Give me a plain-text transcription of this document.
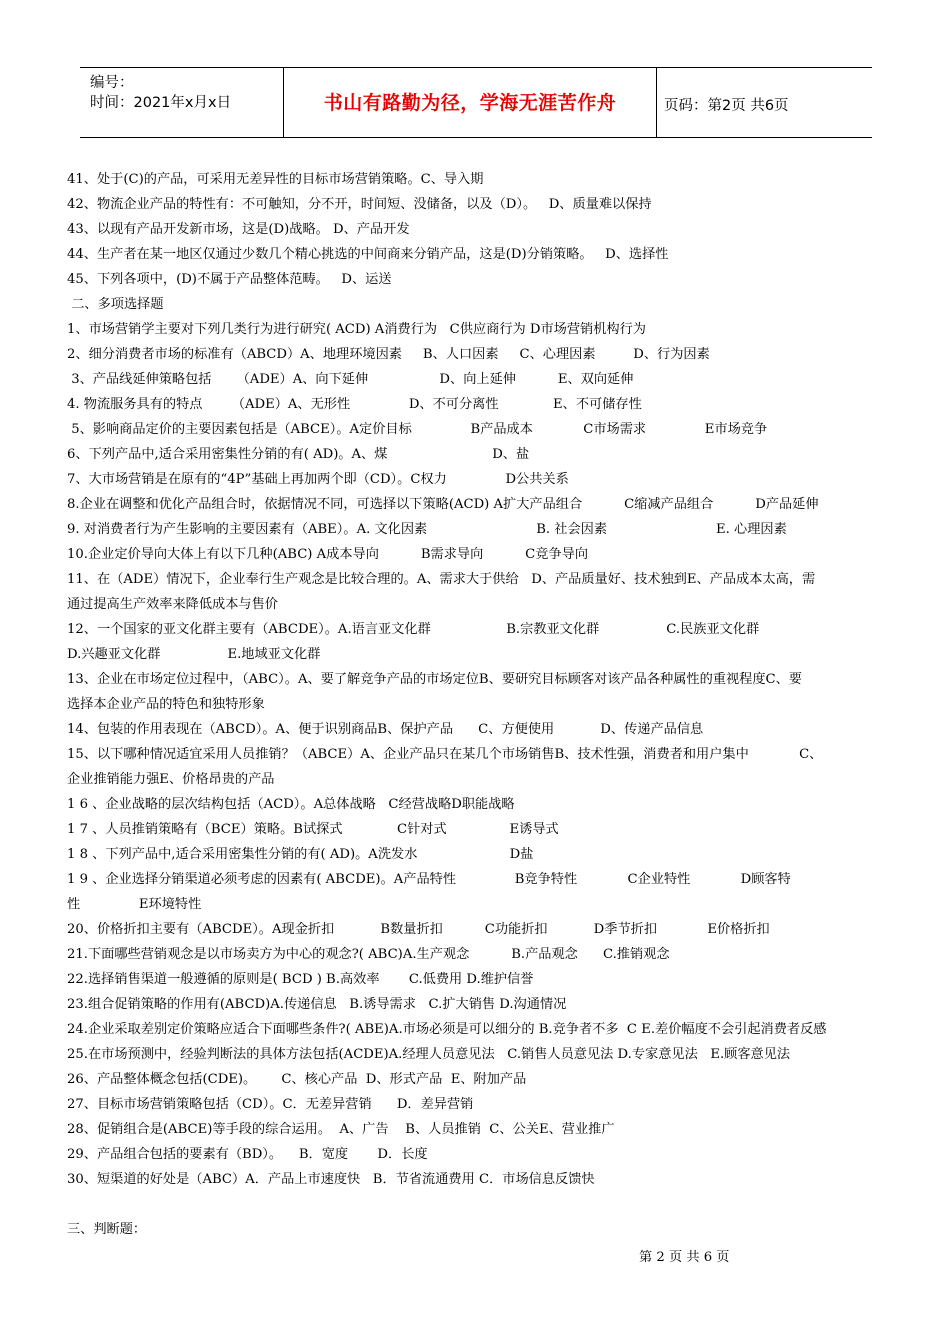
编号：
时间：2021年x月x日	书山有路勤为径，学海无涯苦作舟	页码：第2页 共6页
41、处于(C)的产品，可采用无差异性的目标市场营销策略。C、导入期
42、物流企业产品的特性有：不可触知，分不开，时间短、没储备，以及（D）。   D、质量难以保持
43、以现有产品开发新市场，这是(D)战略。 D、产品开发
44、生产者在某一地区仅通过少数几个精心挑选的中间商来分销产品，这是(D)分销策略。   D、选择性
45、下列各项中，(D)不属于产品整体范畴。   D、运送
二、多项选择题
1、市场营销学主要对下列几类行为进行研究( ACD) A消费行为   C供应商行为 D市场营销机构行为
2、细分消费者市场的标准有（ABCD）A、地理环境因素     B、人口因素     C、心理因素         D、行为因素
3、产品线延伸策略包括      （ADE）A、向下延伸                 D、向上延伸          E、双向延伸
4. 物流服务具有的特点       （ADE）A、无形性              D、不可分离性             E、不可储存性
5、影响商品定价的主要因素包括是（ABCE）。A定价目标              B产品成本            C市场需求              E市场竞争
6、下列产品中,适合采用密集性分销的有( AD)。A、煤                         D、盐
7、大市场营销是在原有的“4P”基础上再加两个即（CD）。C权力              D公共关系
8.企业在调整和优化产品组合时，依据情况不同，可选择以下策略(ACD) A扩大产品组合          C缩减产品组合          D产品延伸
9. 对消费者行为产生影响的主要因素有（ABE）。A. 文化因素                          B. 社会因素                          E. 心理因素
10.企业定价导向大体上有以下几种(ABC) A成本导向          B需求导向          C竞争导向
11、在（ADE）情况下，企业奉行生产观念是比较合理的。A、需求大于供给   D、产品质量好、技术独到E、产品成本太高，需
通过提高生产效率来降低成本与售价
12、一个国家的亚文化群主要有（ABCDE）。A.语言亚文化群                  B.宗教亚文化群                C.民族亚文化群
D.兴趣亚文化群                E.地域亚文化群
13、企业在市场定位过程中，（ABC）。A、要了解竞争产品的市场定位B、要研究目标顾客对该产品各种属性的重视程度C、要
选择本企业产品的特色和独特形象
14、包装的作用表现在（ABCD）。A、便于识别商品B、保护产品      C、方便使用           D、传递产品信息
15、以下哪种情况适宜采用人员推销？（ABCE）A、企业产品只在某几个市场销售B、技术性强，消费者和用户集中            C、
企业推销能力强E、价格昂贵的产品
1 6 、企业战略的层次结构包括（ACD）。A总体战略   C经营战略D职能战略
1 7 、人员推销策略有（BCE）策略。B试探式             C针对式               E诱导式
1 8 、下列产品中,适合采用密集性分销的有( AD)。A洗发水                      D盐
1 9 、企业选择分销渠道必须考虑的因素有( ABCDE)。A产品特性              B竞争特性            C企业特性            D顾客特
性              E环境特性
20、价格折扣主要有（ABCDE）。A现金折扣           B数量折扣          C功能折扣           D季节折扣            E价格折扣
21.下面哪些营销观念是以市场卖方为中心的观念?( ABC)A.生产观念          B.产品观念      C.推销观念
22.选择销售渠道一般遵循的原则是( BCD ) B.高效率       C.低费用 D.维护信誉
23.组合促销策略的作用有(ABCD)A.传递信息   B.诱导需求   C.扩大销售 D.沟通情况
24.企业采取差别定价策略应适合下面哪些条件?( ABE)A.市场必须是可以细分的 B.竞争者不多  C E.差价幅度不会引起消费者反感
25.在市场预测中，经验判断法的具体方法包括(ACDE)A.经理人员意见法   C.销售人员意见法 D.专家意见法   E.顾客意见法
26、产品整体概念包括(CDE)。      C、核心产品  D、形式产品  E、附加产品
27、目标市场营销策略包括（CD）。C．无差异营销      D．差异营销
28、促销组合是(ABCE)等手段的综合运用。  A、广告    B、人员推销  C、公关E、营业推广
29、产品组合包括的要素有（BD）。    B．宽度       D．长度
30、短渠道的好处是（ABC）A．产品上市速度快   B．节省流通费用 C．市场信息反馈快
三、判断题：
第 2 页 共 6 页
